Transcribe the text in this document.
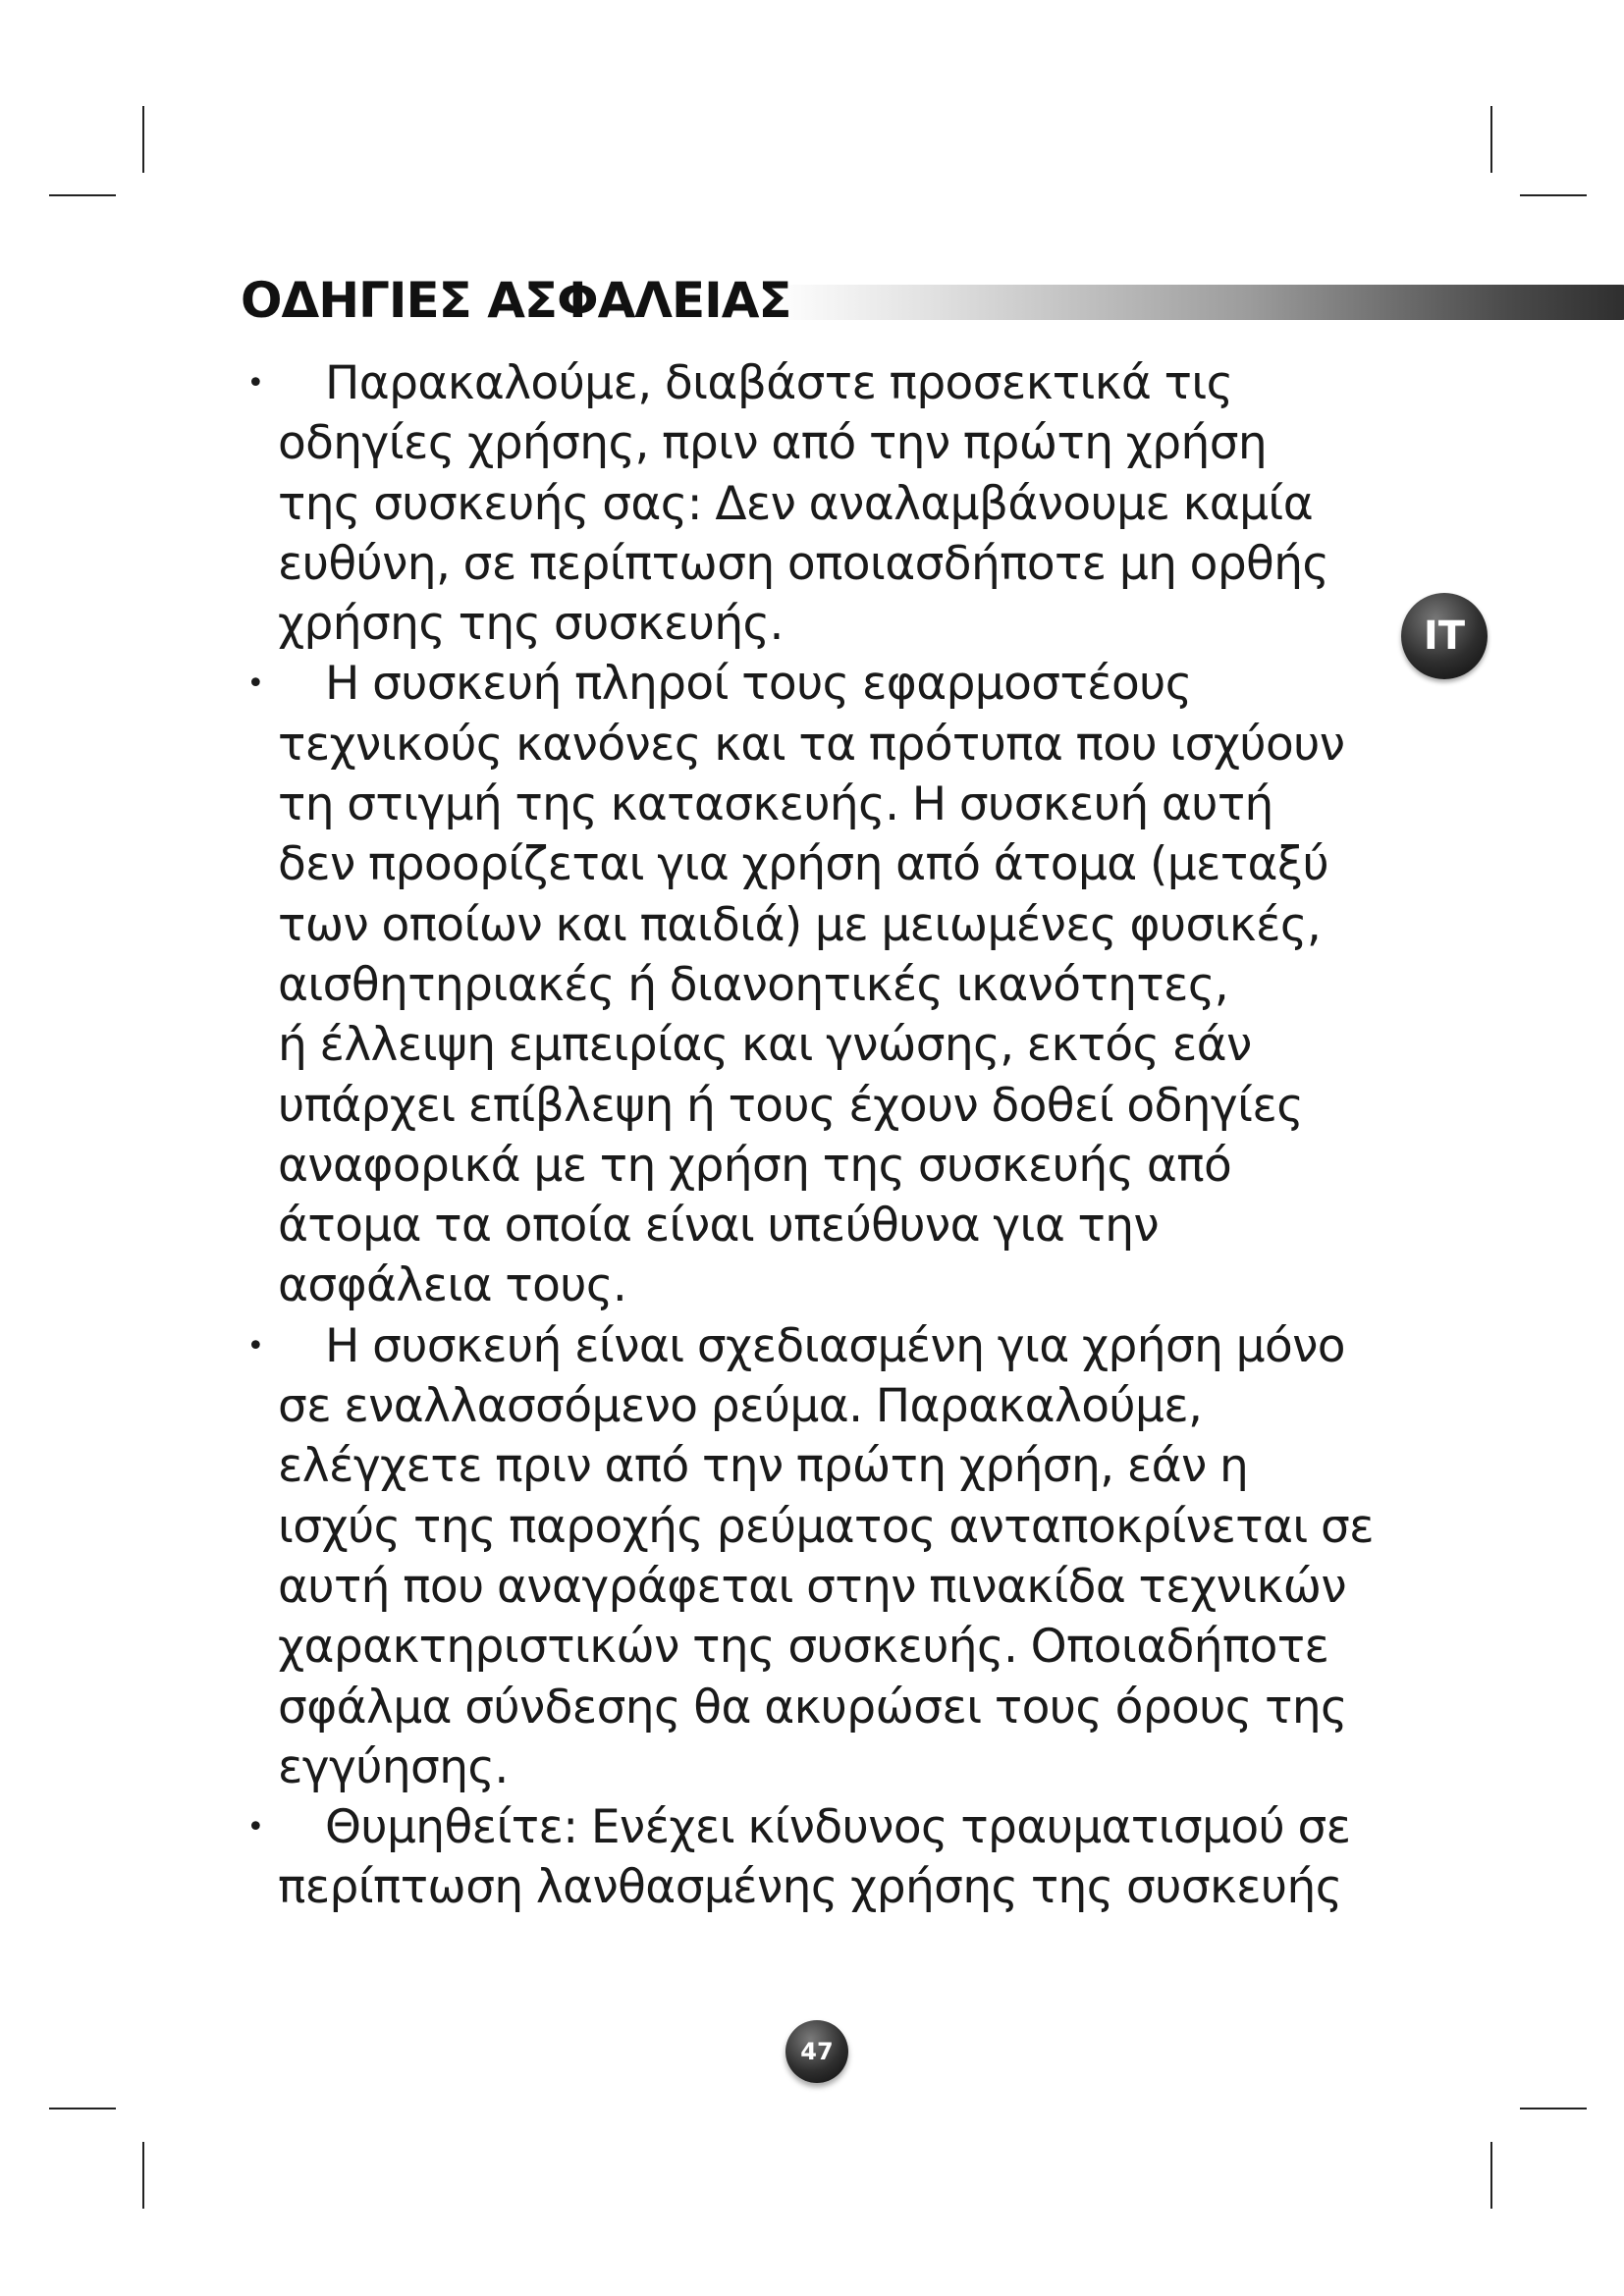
ΟΔΗΓΙΕΣ ΑΣΦΑΛΕΙΑΣ
IT
•	Παρακαλούμε, διαβάστε προσεκτικά τις
οδηγίες χρήσης, πριν από την πρώτη χρήση
της συσκευής σας: Δεν αναλαμβάνουμε καμία
ευθύνη, σε περίπτωση οποιασδήποτε μη ορθής
χρήσης της συσκευής.
•	Η συσκευή πληροί τους εφαρμοστέους
τεχνικούς κανόνες και τα πρότυπα που ισχύουν
τη στιγμή της κατασκευής. Η συσκευή αυτή
δεν προορίζεται για χρήση από άτομα (μεταξύ
των οποίων και παιδιά) με μειωμένες φυσικές,
αισθητηριακές ή διανοητικές ικανότητες,
ή έλλειψη εμπειρίας και γνώσης, εκτός εάν
υπάρχει επίβλεψη ή τους έχουν δοθεί οδηγίες
αναφορικά με τη χρήση της συσκευής από
άτομα τα οποία είναι υπεύθυνα για την
ασφάλεια τους.
•	Η συσκευή είναι σχεδιασμένη για χρήση μόνο
σε εναλλασσόμενο ρεύμα. Παρακαλούμε,
ελέγχετε πριν από την πρώτη χρήση, εάν η
ισχύς της παροχής ρεύματος ανταποκρίνεται σε
αυτή που αναγράφεται στην πινακίδα τεχνικών
χαρακτηριστικών της συσκευής. Οποιαδήποτε
σφάλμα σύνδεσης θα ακυρώσει τους όρους της
εγγύησης.
•	Θυμηθείτε: Ενέχει κίνδυνος τραυματισμού σε
περίπτωση λανθασμένης χρήσης της συσκευής
47
